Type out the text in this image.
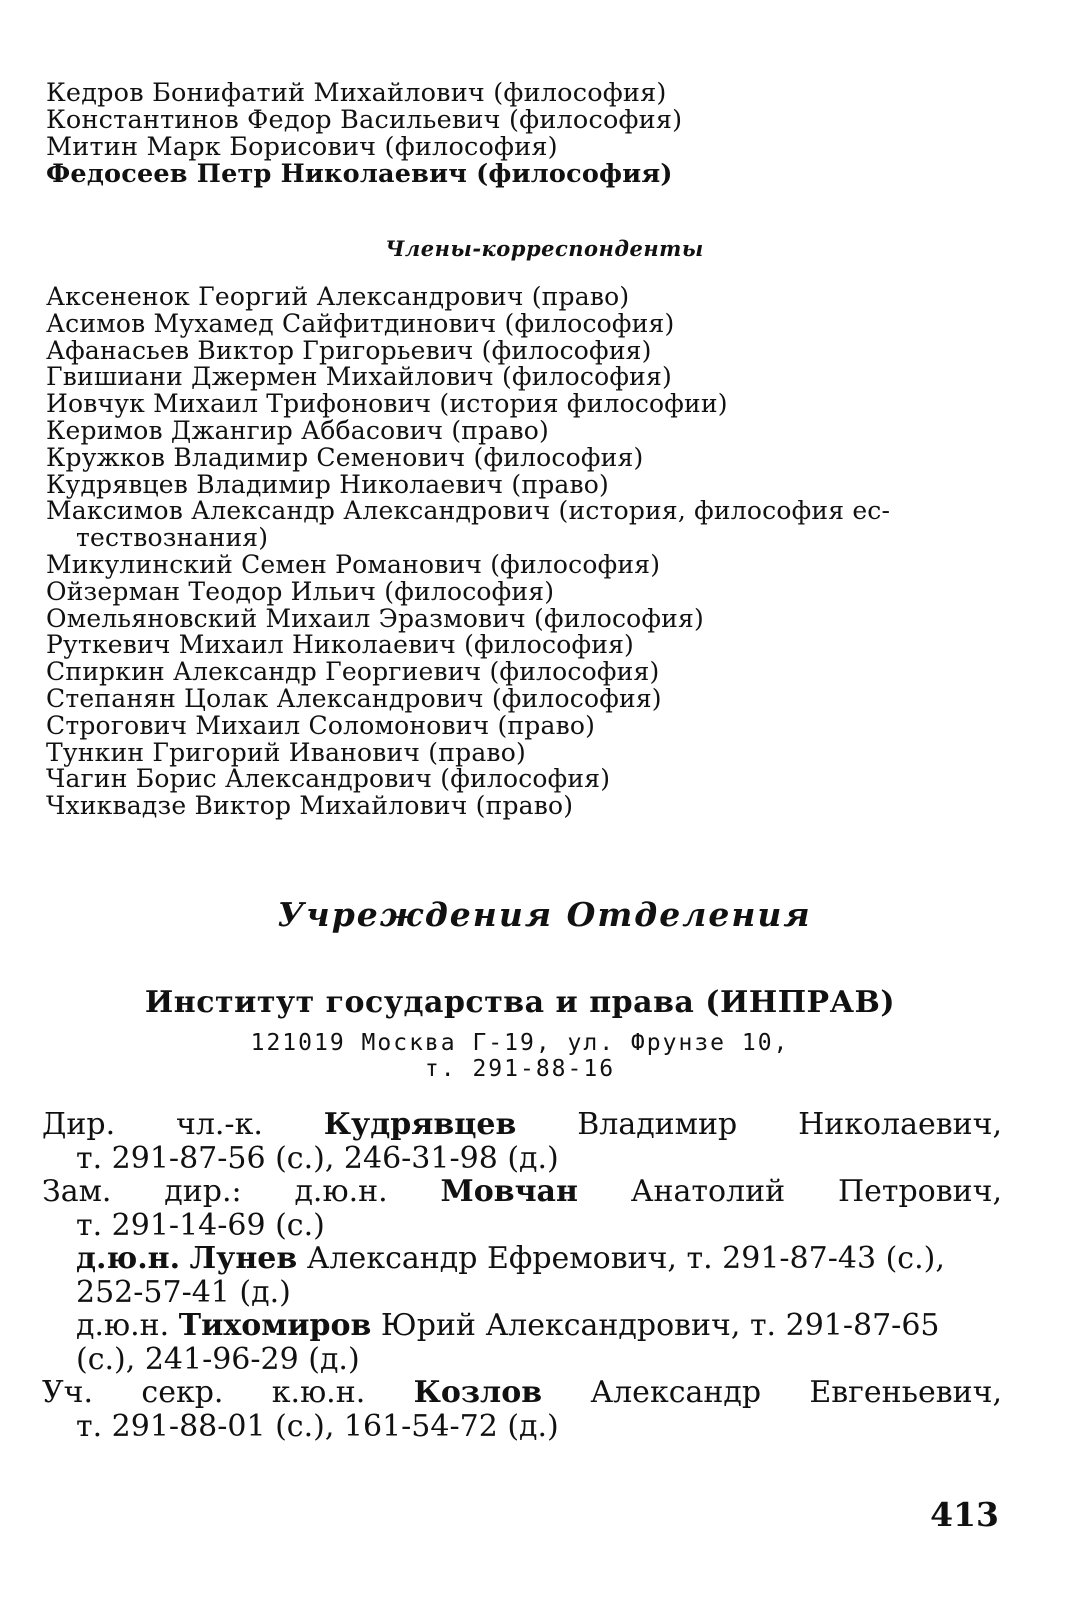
Кедров Бонифатий Михайлович (философия)
Константинов Федор Васильевич (философия)
Митин Марк Борисович (философия)
Федосеев Петр Николаевич (философия)
Члены-корреспонденты
Аксененок Георгий Александрович (право)
Асимов Мухамед Сайфитдинович (философия)
Афанасьев Виктор Григорьевич (философия)
Гвишиани Джермен Михайлович (философия)
Иовчук Михаил Трифонович (история философии)
Керимов Джангир Аббасович (право)
Кружков Владимир Семенович (философия)
Кудрявцев Владимир Николаевич (право)
Максимов Александр Александрович (история, философия ес-
тествознания)
Микулинский Семен Романович (философия)
Ойзерман Теодор Ильич (философия)
Омельяновский Михаил Эразмович (философия)
Руткевич Михаил Николаевич (философия)
Спиркин Александр Георгиевич (философия)
Степанян Цолак Александрович (философия)
Строгович Михаил Соломонович (право)
Тункин Григорий Иванович (право)
Чагин Борис Александрович (философия)
Чхиквадзе Виктор Михайлович (право)
Учреждения Отделения
Институт государства и права (ИНПРАВ)
121019 Москва Г-19, ул. Фрунзе 10,
т. 291-88-16
Дир. чл.-к. Кудрявцев Владимир Николаевич,
т. 291-87-56 (с.), 246-31-98 (д.)
Зам. дир.: д.ю.н. Мовчан Анатолий Петрович,
т. 291-14-69 (с.)
д.ю.н. Лунев Александр Ефремович, т. 291-87-43 (с.),
252-57-41 (д.)
д.ю.н. Тихомиров Юрий Александрович, т. 291-87-65
(с.), 241-96-29 (д.)
Уч. секр. к.ю.н. Козлов Александр Евгеньевич,
т. 291-88-01 (с.), 161-54-72 (д.)
413
